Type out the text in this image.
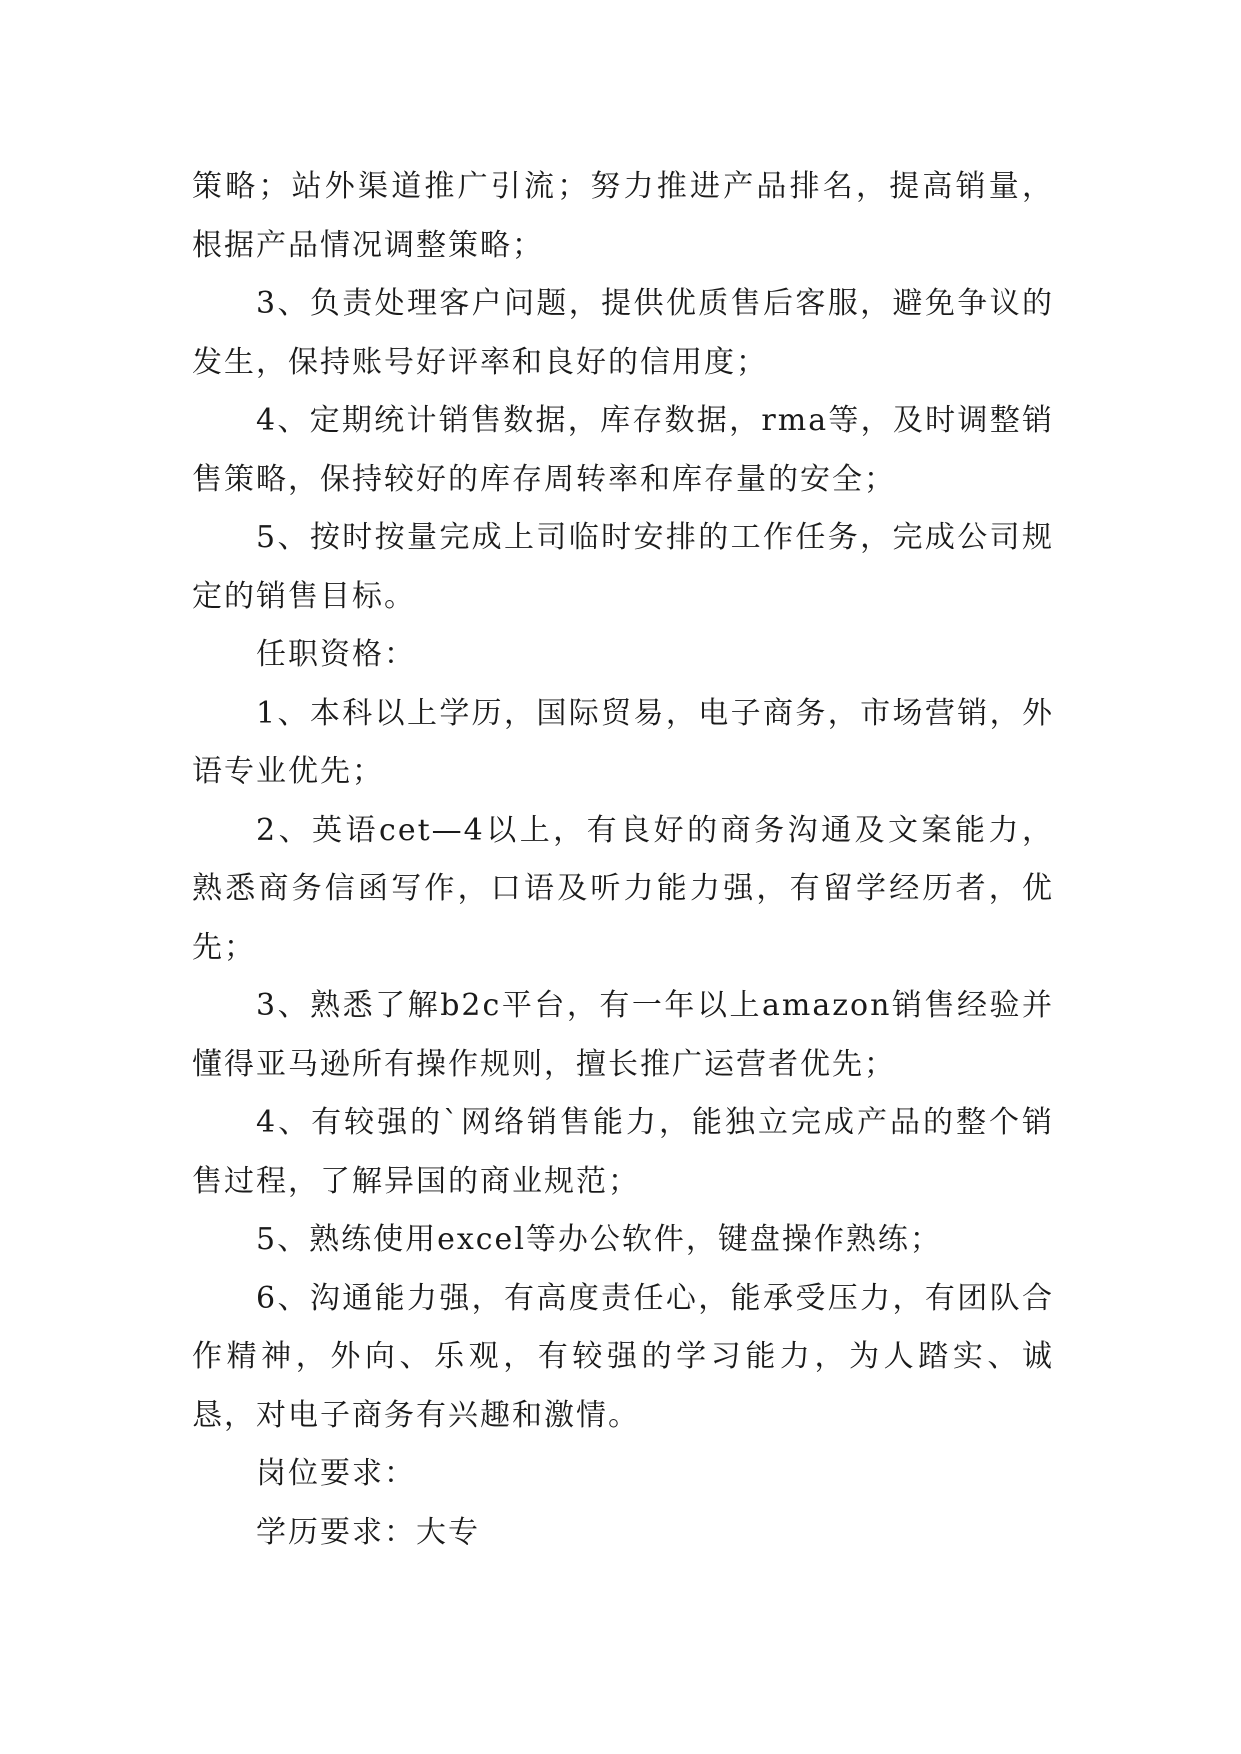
策略；站外渠道推广引流；努力推进产品排名，提高销量，根据产品情况调整策略；

3、负责处理客户问题，提供优质售后客服，避免争议的发生，保持账号好评率和良好的信用度；

4、定期统计销售数据，库存数据，rma等，及时调整销售策略，保持较好的库存周转率和库存量的安全；

5、按时按量完成上司临时安排的工作任务，完成公司规定的销售目标。

任职资格：

1、本科以上学历，国际贸易，电子商务，市场营销，外语专业优先；

2、英语cet—4以上，有良好的商务沟通及文案能力，熟悉商务信函写作，口语及听力能力强，有留学经历者，优先；

3、熟悉了解b2c平台，有一年以上amazon销售经验并懂得亚马逊所有操作规则，擅长推广运营者优先；

4、有较强的`网络销售能力，能独立完成产品的整个销售过程，了解异国的商业规范；

5、熟练使用excel等办公软件，键盘操作熟练；

6、沟通能力强，有高度责任心，能承受压力，有团队合作精神，外向、乐观，有较强的学习能力，为人踏实、诚恳，对电子商务有兴趣和激情。

岗位要求：

学历要求：大专
